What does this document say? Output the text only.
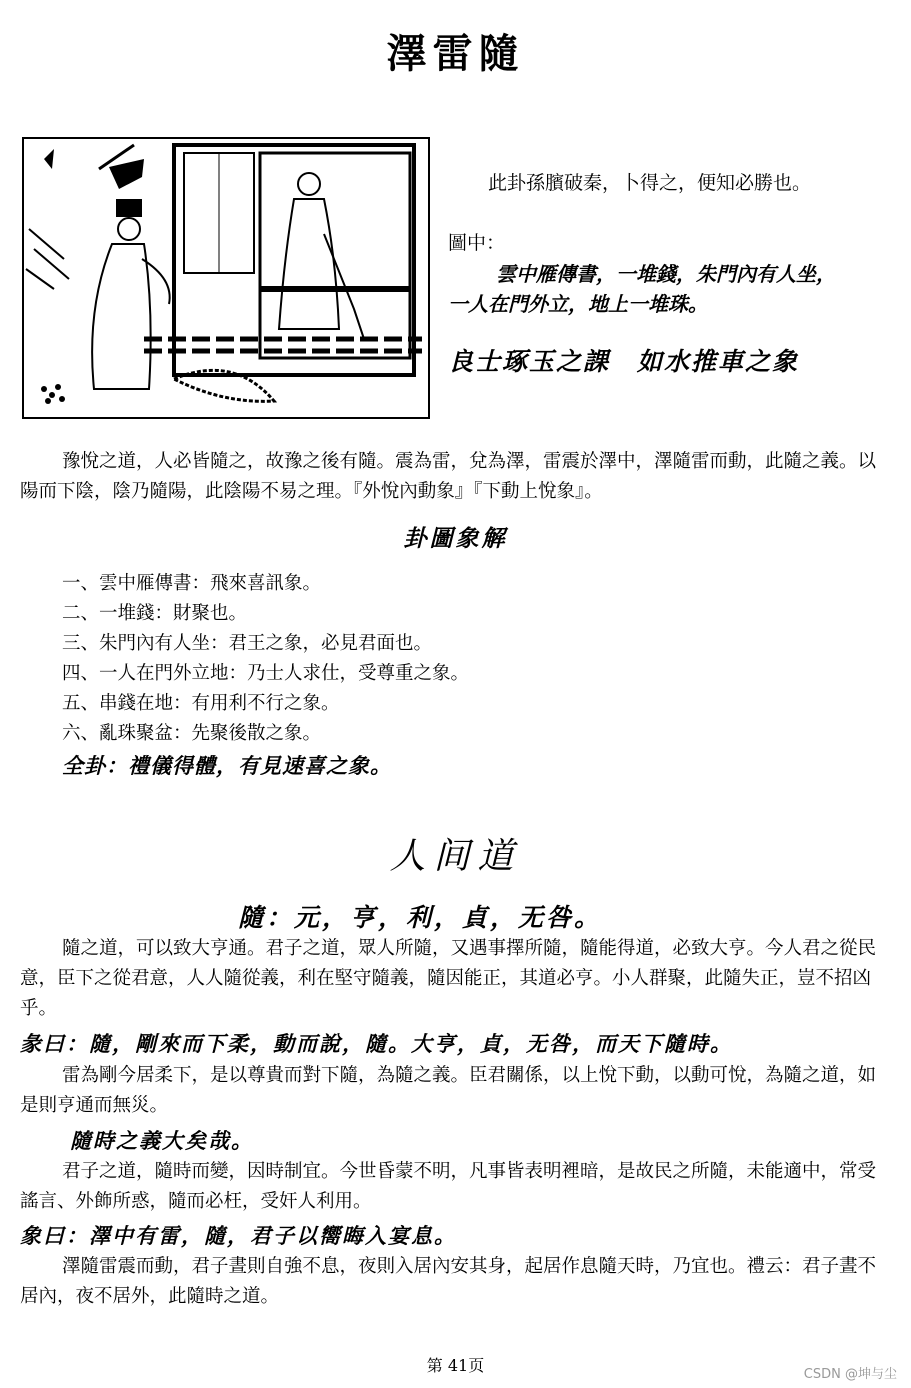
澤雷隨
此卦孫臏破秦，卜得之，便知必勝也。
圖中：
雲中雁傳書，一堆錢，朱門內有人坐，
一人在門外立，地上一堆珠。
良士琢玉之課　如水推車之象
豫悅之道，人必皆隨之，故豫之後有隨。震為雷，兌為澤，雷震於澤中，澤隨雷而動，此隨之義。以陽而下陰，陰乃隨陽，此陰陽不易之理。『外悅內動象』『下動上悅象』。
卦圖象解
一、雲中雁傳書：飛來喜訊象。
二、一堆錢：財聚也。
三、朱門內有人坐：君王之象，必見君面也。
四、一人在門外立地：乃士人求仕，受尊重之象。
五、串錢在地：有用利不行之象。
六、亂珠聚盆：先聚後散之象。
全卦：禮儀得體，有見速喜之象。
人间道
隨：元，亨，利，貞，无咎。
隨之道，可以致大亨通。君子之道，眾人所隨，又遇事擇所隨，隨能得道，必致大亨。今人君之從民意，臣下之從君意，人人隨從義，利在堅守隨義，隨因能正，其道必亨。小人群聚，此隨失正，豈不招凶乎。
彖曰：隨，剛來而下柔，動而說，隨。大亨，貞，无咎，而天下隨時。
雷為剛今居柔下，是以尊貴而對下隨，為隨之義。臣君關係，以上悅下動，以動可悅，為隨之道，如是則亨通而無災。
隨時之義大矣哉。
君子之道，隨時而變，因時制宜。今世昏蒙不明，凡事皆表明裡暗，是故民之所隨，未能適中，常受謠言、外飾所惑，隨而必枉，受奸人利用。
象曰：澤中有雷，隨，君子以嚮晦入宴息。
澤隨雷震而動，君子晝則自強不息，夜則入居內安其身，起居作息隨天時，乃宜也。禮云：君子晝不居內，夜不居外，此隨時之道。
第 41页	CSDN @坤与尘
